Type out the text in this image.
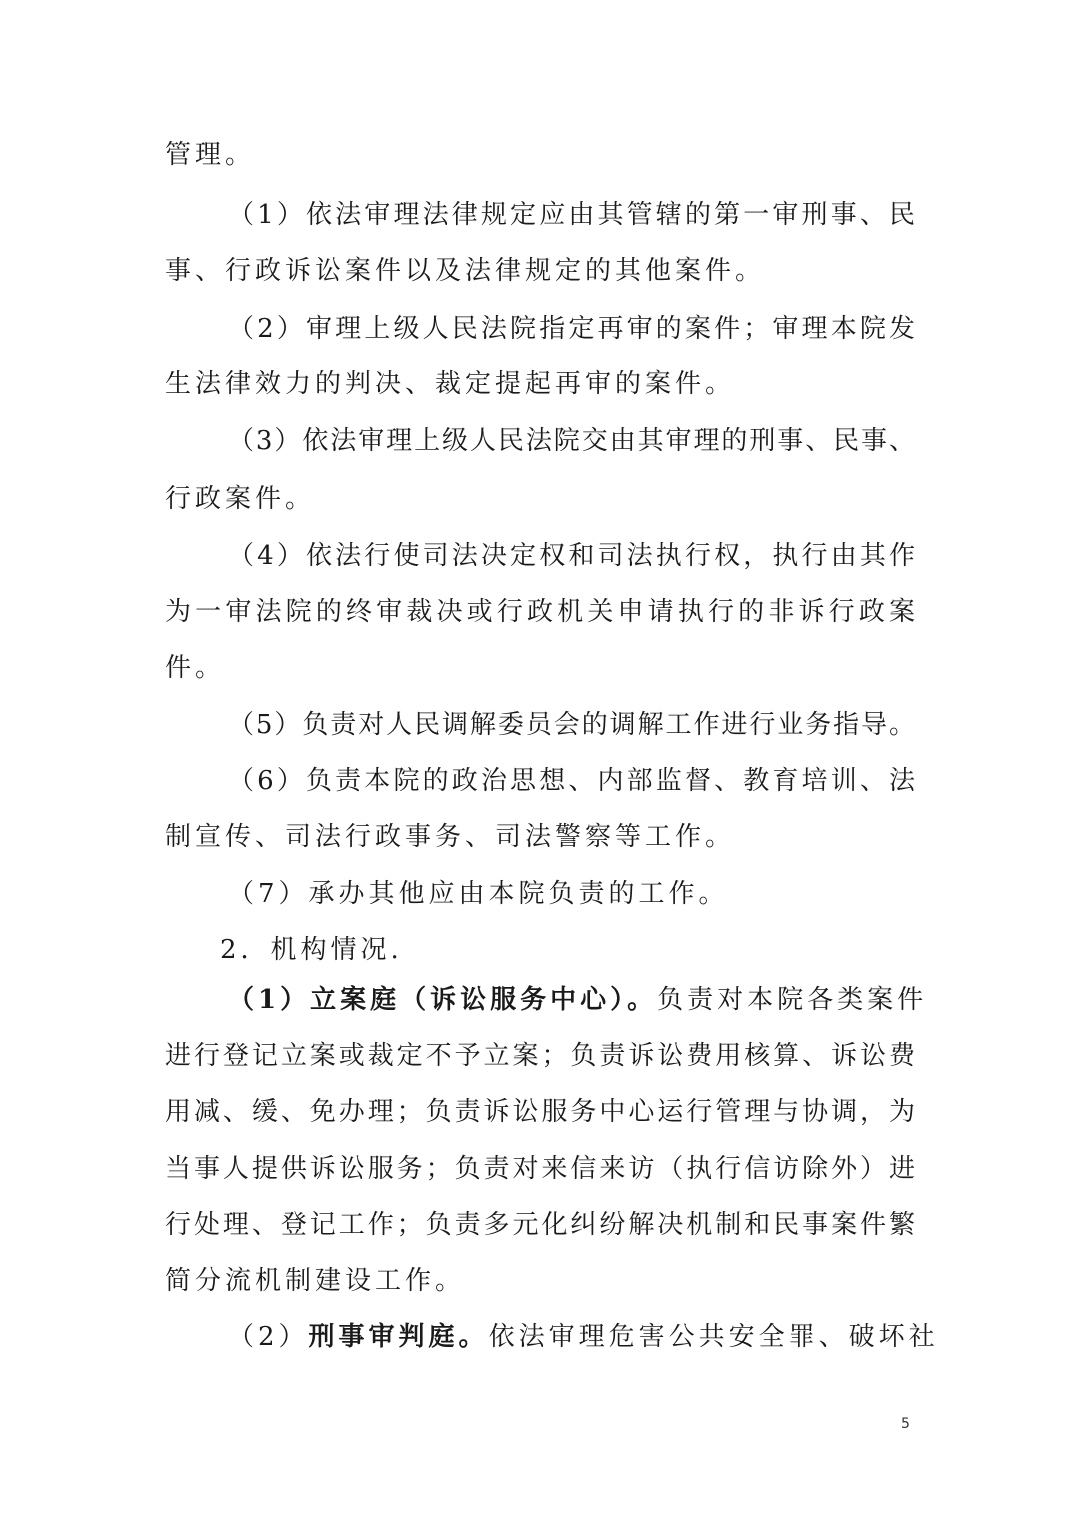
管理。
（1）依法审理法律规定应由其管辖的第一审刑事、民
事、行政诉讼案件以及法律规定的其他案件。
（2）审理上级人民法院指定再审的案件；审理本院发
生法律效力的判决、裁定提起再审的案件。
（3）依法审理上级人民法院交由其审理的刑事、民事、
行政案件。
（4）依法行使司法决定权和司法执行权，执行由其作
为一审法院的终审裁决或行政机关申请执行的非诉行政案
件。
（5）负责对人民调解委员会的调解工作进行业务指导。
（6）负责本院的政治思想、内部监督、教育培训、法
制宣传、司法行政事务、司法警察等工作。
（7）承办其他应由本院负责的工作。
2．机构情况.
（1）立案庭（诉讼服务中心）。负责对本院各类案件
进行登记立案或裁定不予立案；负责诉讼费用核算、诉讼费
用减、缓、免办理；负责诉讼服务中心运行管理与协调，为
当事人提供诉讼服务；负责对来信来访（执行信访除外）进
行处理、登记工作；负责多元化纠纷解决机制和民事案件繁
简分流机制建设工作。
（2）刑事审判庭。依法审理危害公共安全罪、破坏社
5
